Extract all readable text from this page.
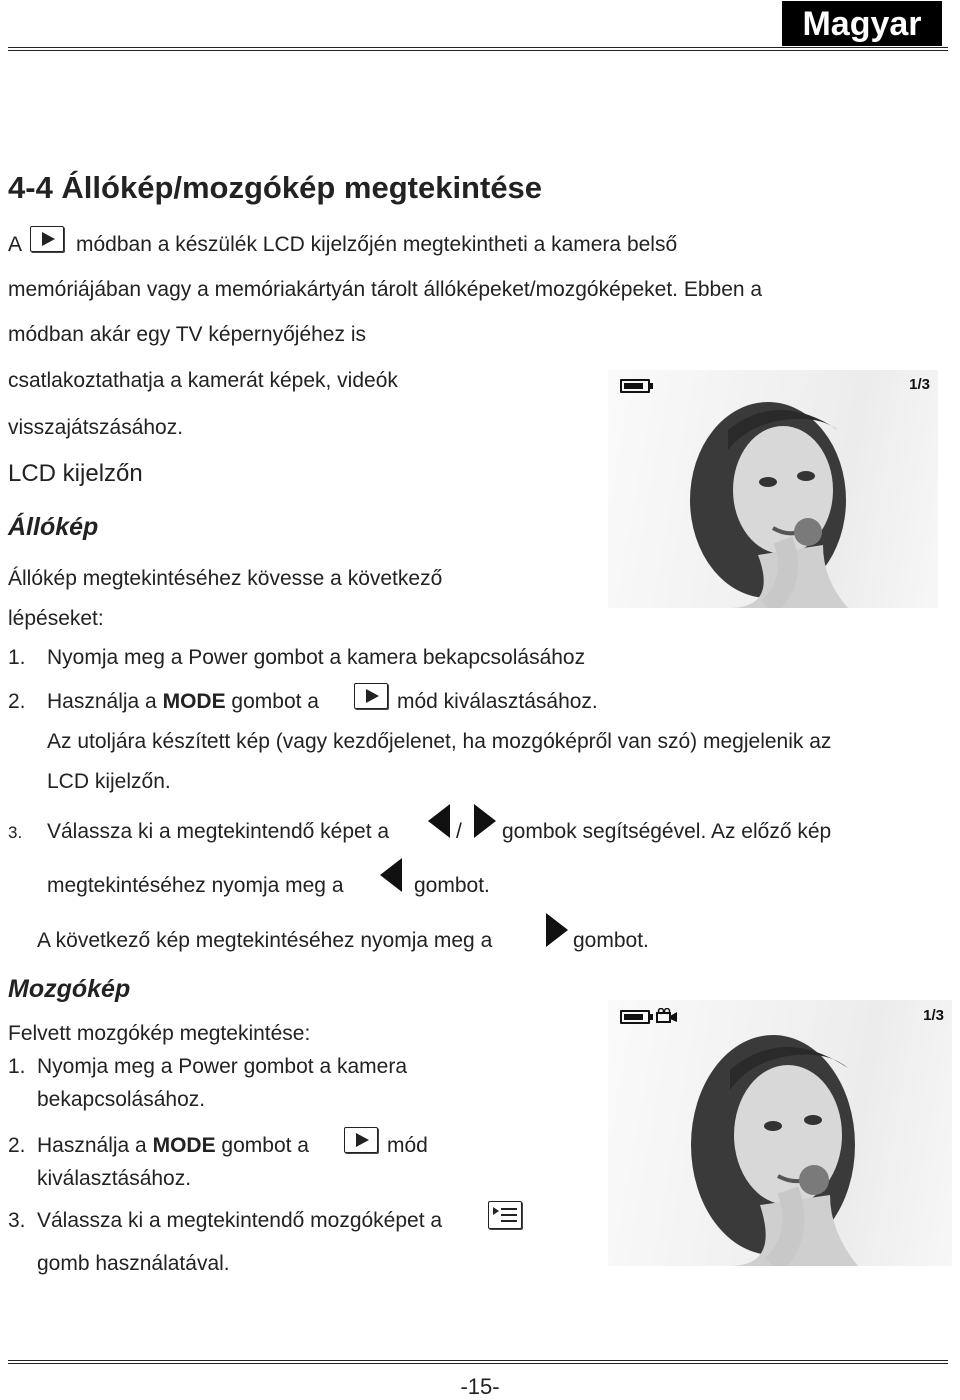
Magyar
4-4 Állókép/mozgókép megtekintése
A	módban a készülék LCD kijelzőjén megtekintheti a kamera belső
memóriájában vagy a memóriakártyán tárolt állóképeket/mozgóképeket. Ebben a
módban akár egy TV képernyőjéhez is
csatlakoztathatja a kamerát képek, videók
visszajátszásához.
LCD kijelzőn
1/3
Állókép
Állókép megtekintéséhez kövesse a következő
lépéseket:
1. Nyomja meg a Power gombot a kamera bekapcsolásához
2. Használja a MODE gombot a	mód kiválasztásához.
Az utoljára készített kép (vagy kezdőjelenet, ha mozgóképről van szó) megjelenik az
LCD kijelzőn.
3. Válassza ki a megtekintendő képet a	/ gombok segítségével. Az előző kép
megtekintéséhez nyomja meg a	gombot.
A következő kép megtekintéséhez nyomja meg a	gombot.
Mozgókép
Felvett mozgókép megtekintése:
1. Nyomja meg a Power gombot a kamera
bekapcsolásához.
2. Használja a MODE gombot a	mód
kiválasztásához.
3. Válassza ki a megtekintendő mozgóképet a
gomb használatával.
1/3
-15-
